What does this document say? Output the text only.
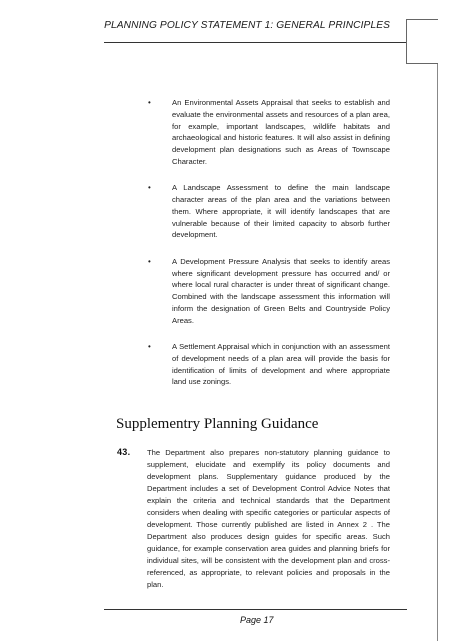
PLANNING POLICY STATEMENT 1: GENERAL PRINCIPLES
•	An Environmental Assets Appraisal that seeks to establish and evaluate the environmental assets and resources of a plan area, for example, important landscapes, wildlife habitats and archaeological and historic features. It will also assist in defining development plan designations such as Areas of Townscape Character.
•	A Landscape Assessment to define the main landscape character areas of the plan area and the variations between them. Where appropriate, it will identify landscapes that are vulnerable because of their limited capacity to absorb further development.
•	A Development Pressure Analysis that seeks to identify areas where significant development pressure has occurred and/ or where local rural character is under threat of significant change. Combined with the landscape assessment this information will inform the designation of Green Belts and Countryside Policy Areas.
•	A Settlement Appraisal which in conjunction with an assessment of development needs of a plan area will provide the basis for identification of limits of development and where appropriate land use zonings.
Supplementry Planning Guidance
43. The Department also prepares non-statutory planning guidance to supplement, elucidate and exemplify its policy documents and development plans. Supplementary guidance produced by the Department includes a set of Development Control Advice Notes that explain the criteria and technical standards that the Department considers when dealing with specific categories or particular aspects of development. Those currently published are listed in Annex 2 . The Department also produces design guides for specific areas. Such guidance, for example conservation area guides and planning briefs for individual sites, will be consistent with the development plan and cross-referenced, as appropriate, to relevant policies and proposals in the plan.

Page 17
